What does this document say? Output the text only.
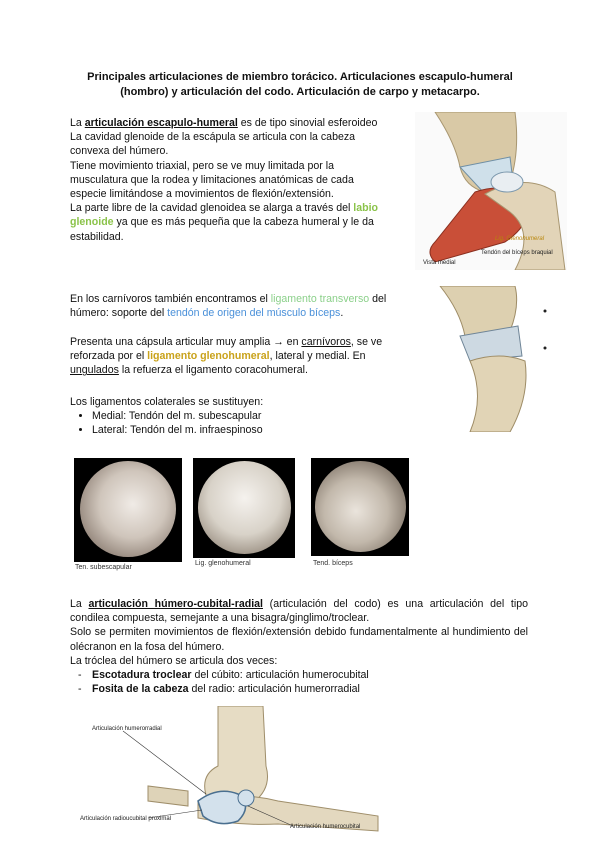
Principales articulaciones de miembro torácico. Articulaciones escapulo-humeral (hombro) y articulación del codo. Articulación de carpo y metacarpo.
La articulación escapulo-humeral es de tipo sinovial esferoideo
La cavidad glenoide de la escápula se articula con la cabeza convexa del húmero.
Tiene movimiento triaxial, pero se ve muy limitada por la musculatura que la rodea y limitaciones anatómicas de cada especie limitándose a movimientos de flexión/extensión.
La parte libre de la cavidad glenoidea se alarga a través del labio glenoide ya que es más pequeña que la cabeza humeral y le da estabilidad.	Lig. Glenohumeral
Vista medial
Tendón del bíceps braquial
En los carnívoros también encontramos el ligamento transverso del húmero: soporte del tendón de origen del músculo bíceps.
Presenta una cápsula articular muy amplia → en carnívoros, se ve reforzada por el ligamento glenohumeral, lateral y medial. En ungulados la refuerza el ligamento coracohumeral.
Los ligamentos colaterales se sustituyen:
• Medial: Tendón del m. subescapular
• Lateral: Tendón del m. infraespinoso
Ten. subescapular
Lig. glenohumeral	Tend. bíceps
La articulación húmero-cubital-radial (articulación del codo) es una articulación del tipo condilea compuesta, semejante a una bisagra/ginglimo/troclear.
Solo se permiten movimientos de flexión/extensión debido fundamentalmente al hundimiento del olécranon en la fosa del húmero.
La tróclea del húmero se articula dos veces:
- Escotadura troclear del cúbito: articulación humerocubital
- Fosita de la cabeza del radio: articulación humerorradial
Articulación humerorradial
Articulación radioucubital proximal
Articulación humerocubital
